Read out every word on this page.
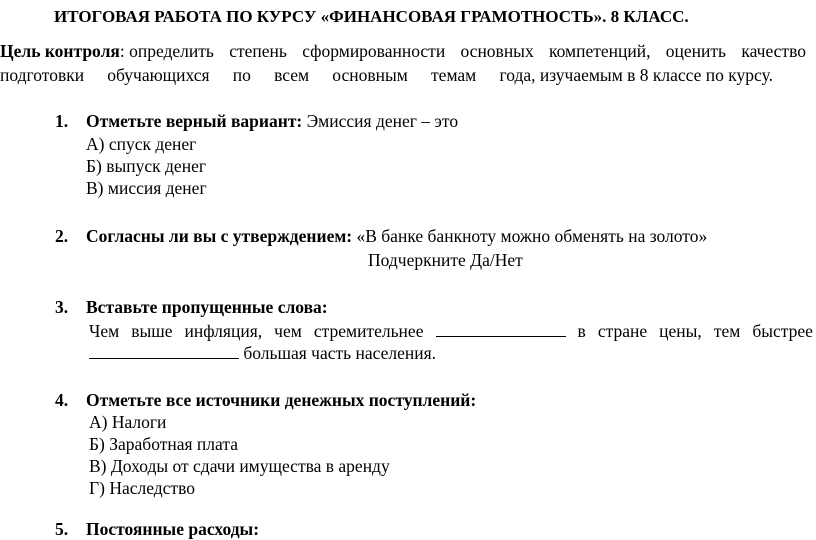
ИТОГОВАЯ РАБОТА ПО КУРСУ «ФИНАНСОВАЯ ГРАМОТНОСТЬ». 8 КЛАСС.
Цель контроля: определить степень сформированности основных компетенций, оценить качество
подготовки обучающихся по всем основным темам года, изучаемым в 8 классе по курсу.
1. Отметьте верный вариант: Эмиссия денег – это
А) спуск денег
Б) выпуск денег
В) миссия денег
2. Согласны ли вы с утверждением: «В банке банкноту можно обменять на золото»
Подчеркните Да/Нет
3. Вставьте пропущенные слова:
Чем выше инфляция, чем стремительнее	в стране цены, тем быстрее
большая часть населения.
4. Отметьте все источники денежных поступлений:
А) Налоги
Б) Заработная плата
В) Доходы от сдачи имущества в аренду
Г) Наследство
5. Постоянные расходы:
